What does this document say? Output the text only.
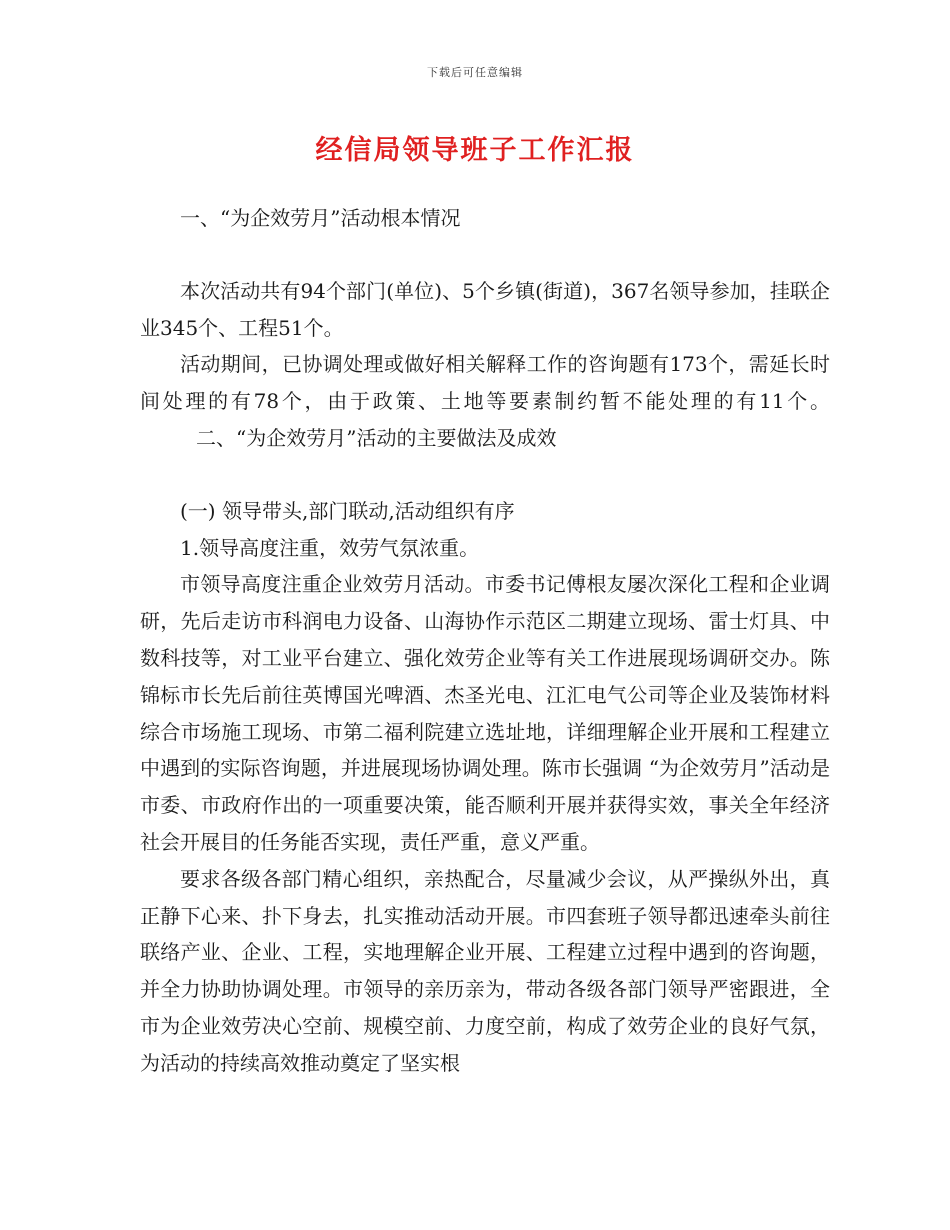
下载后可任意编辑
经信局领导班子工作汇报

一、“为企效劳月”活动根本情况

本次活动共有94个部门(单位)、5个乡镇(街道)，367名领导参加，挂联企业345个、工程51个。

活动期间，已协调处理或做好相关解释工作的咨询题有173个，需延长时间处理的有78个，由于政策、土地等要素制约暂不能处理的有11个。二、“为企效劳月”活动的主要做法及成效

(一) 领导带头,部门联动,活动组织有序

1.领导高度注重，效劳气氛浓重。

市领导高度注重企业效劳月活动。市委书记傅根友屡次深化工程和企业调研，先后走访市科润电力设备、山海协作示范区二期建立现场、雷士灯具、中数科技等，对工业平台建立、强化效劳企业等有关工作进展现场调研交办。陈锦标市长先后前往英博国光啤酒、杰圣光电、江汇电气公司等企业及装饰材料综合市场施工现场、市第二福利院建立选址地，详细理解企业开展和工程建立中遇到的实际咨询题，并进展现场协调处理。陈市长强调 “为企效劳月”活动是市委、市政府作出的一项重要决策，能否顺利开展并获得实效，事关全年经济社会开展目的任务能否实现，责任严重，意义严重。

要求各级各部门精心组织，亲热配合，尽量减少会议，从严操纵外出，真正静下心来、扑下身去，扎实推动活动开展。市四套班子领导都迅速牵头前往联络产业、企业、工程，实地理解企业开展、工程建立过程中遇到的咨询题，并全力协助协调处理。市领导的亲历亲为，带动各级各部门领导严密跟进，全市为企业效劳决心空前、规模空前、力度空前，构成了效劳企业的良好气氛，为活动的持续高效推动奠定了坚实根
